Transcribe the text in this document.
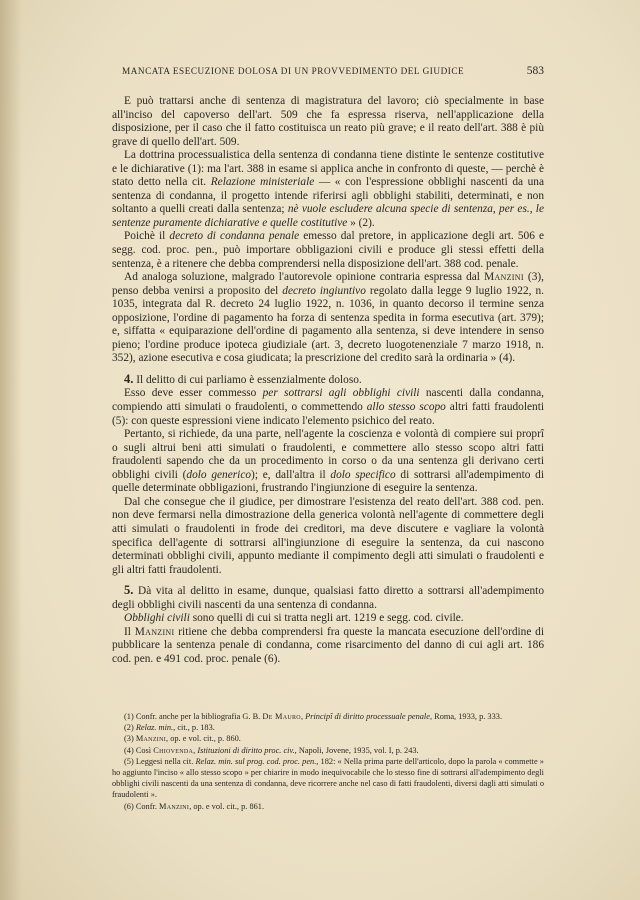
MANCATA ESECUZIONE DOLOSA DI UN PROVVEDIMENTO DEL GIUDICE	583

E può trattarsi anche di sentenza di magistratura del lavoro; ciò specialmente in base all'inciso del capoverso dell'art. 509 che fa espressa riserva, nell'applicazione della disposizione, per il caso che il fatto costituisca un reato più grave; e il reato dell'art. 388 è più grave di quello dell'art. 509.

La dottrina processualistica della sentenza di condanna tiene distinte le sentenze costitutive e le dichiarative (1): ma l'art. 388 in esame si applica anche in confronto di queste, — perchè è stato detto nella cit. Relazione ministeriale — « con l'espressione obblighi nascenti da una sentenza di condanna, il progetto intende riferirsi agli obblighi stabiliti, determinati, e non soltanto a quelli creati dalla sentenza; nè vuole escludere alcuna specie di sentenza, per es., le sentenze puramente dichiarative e quelle costitutive » (2).

Poichè il decreto di condanna penale emesso dal pretore, in applicazione degli art. 506 e segg. cod. proc. pen., può importare obbligazioni civili e produce gli stessi effetti della sentenza, è a ritenere che debba comprendersi nella disposizione dell'art. 388 cod. penale.

Ad analoga soluzione, malgrado l'autorevole opinione contraria espressa dal Manzini (3), penso debba venirsi a proposito del decreto ingiuntivo regolato dalla legge 9 luglio 1922, n. 1035, integrata dal R. decreto 24 luglio 1922, n. 1036, in quanto decorso il termine senza opposizione, l'ordine di pagamento ha forza di sentenza spedita in forma esecutiva (art. 379); e, siffatta « equiparazione dell'ordine di pagamento alla sentenza, si deve intendere in senso pieno; l'ordine produce ipoteca giudiziale (art. 3, decreto luogotenenziale 7 marzo 1918, n. 352), azione esecutiva e cosa giudicata; la prescrizione del credito sarà la ordinaria » (4).

4. Il delitto di cui parliamo è essenzialmente doloso.

Esso deve esser commesso per sottrarsi agli obblighi civili nascenti dalla condanna, compiendo atti simulati o fraudolenti, o commettendo allo stesso scopo altri fatti fraudolenti (5): con queste espressioni viene indicato l'elemento psichico del reato.

Pertanto, si richiede, da una parte, nell'agente la coscienza e volontà di compiere sui proprî o sugli altrui beni atti simulati o fraudolenti, e commettere allo stesso scopo altri fatti fraudolenti sapendo che da un procedimento in corso o da una sentenza gli derivano certi obblighi civili (dolo generico); e, dall'altra il dolo specifico di sottrarsi all'adempimento di quelle determinate obbligazioni, frustrando l'ingiunzione di eseguire la sentenza.

Dal che consegue che il giudice, per dimostrare l'esistenza del reato dell'art. 388 cod. pen. non deve fermarsi nella dimostrazione della generica volontà nell'agente di commettere degli atti simulati o fraudolenti in frode dei creditori, ma deve discutere e vagliare la volontà specifica dell'agente di sottrarsi all'ingiunzione di eseguire la sentenza, da cui nascono determinati obblighi civili, appunto mediante il compimento degli atti simulati o fraudolenti e gli altri fatti fraudolenti.

5. Dà vita al delitto in esame, dunque, qualsiasi fatto diretto a sottrarsi all'adempimento degli obblighi civili nascenti da una sentenza di condanna.

Obblighi civili sono quelli di cui si tratta negli art. 1219 e segg. cod. civile.

Il Manzini ritiene che debba comprendersi fra queste la mancata esecuzione dell'ordine di pubblicare la sentenza penale di condanna, come risarcimento del danno di cui agli art. 186 cod. pen. e 491 cod. proc. penale (6).

(1) Confr. anche per la bibliografia G. B. De Mauro, Principî di diritto processuale penale, Roma, 1933, p. 333.

(2) Relaz. min., cit., p. 183.

(3) Manzini, op. e vol. cit., p. 860.

(4) Così Chiovenda, Istituzioni di diritto proc. civ., Napoli, Jovene, 1935, vol. I, p. 243.

(5) Leggesi nella cit. Relaz. min. sul prog. cod. proc. pen., 182: « Nella prima parte dell'articolo, dopo la parola « commette » ho aggiunto l'inciso « allo stesso scopo » per chiarire in modo inequivocabile che lo stesso fine di sottrarsi all'adempimento degli obblighi civili nascenti da una sentenza di condanna, deve ricorrere anche nel caso di fatti fraudolenti, diversi dagli atti simulati o fraudolenti ».

(6) Confr. Manzini, op. e vol. cit., p. 861.
